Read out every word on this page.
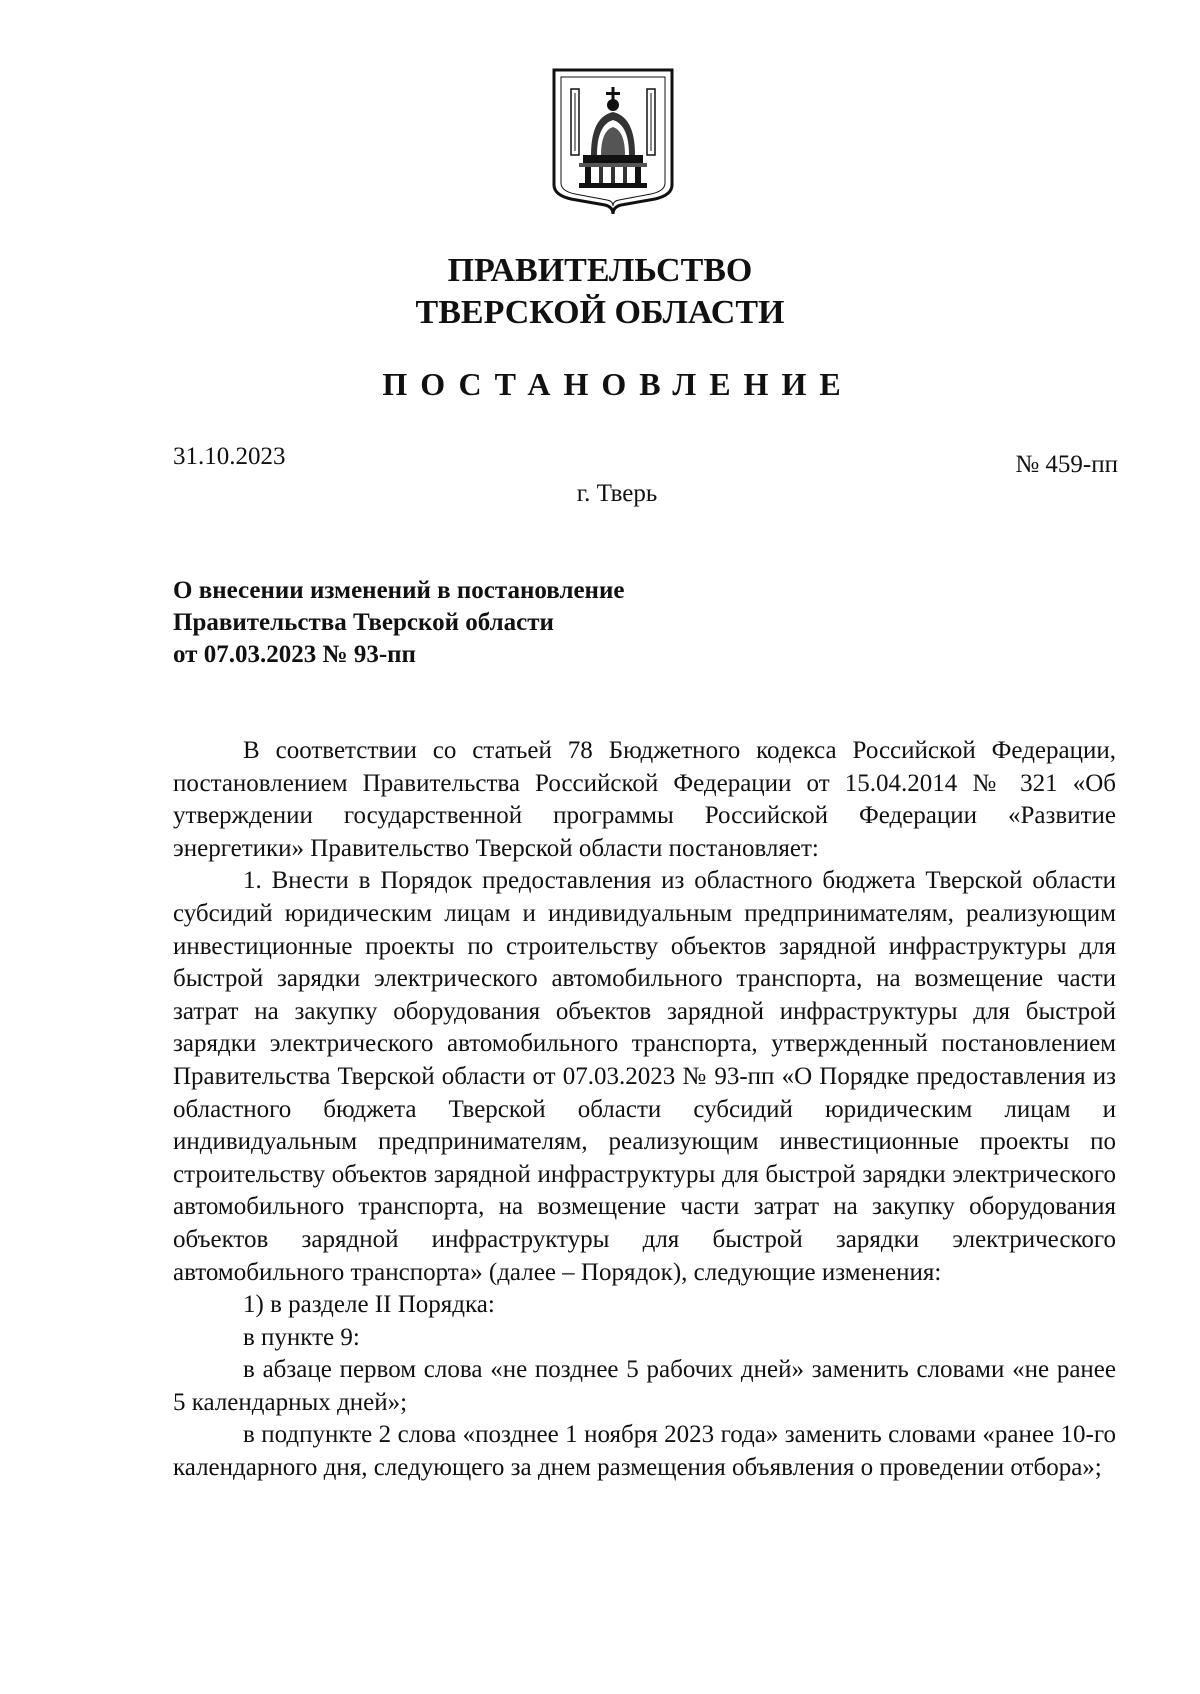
ПРАВИТЕЛЬСТВО
ТВЕРСКОЙ ОБЛАСТИ
ПОСТАНОВЛЕНИЕ
31.10.2023	№ 459-пп
г. Тверь
О внесении изменений в постановление
Правительства Тверской области
от 07.03.2023 № 93-пп

В соответствии со статьей 78 Бюджетного кодекса Российской Федерации, постановлением Правительства Российской Федерации от 15.04.2014 № 321 «Об утверждении государственной программы Российской Федерации «Развитие энергетики» Правительство Тверской области постановляет:

1. Внести в Порядок предоставления из областного бюджета Тверской области субсидий юридическим лицам и индивидуальным предпринимателям, реализующим инвестиционные проекты по строительству объектов зарядной инфраструктуры для быстрой зарядки электрического автомобильного транспорта, на возмещение части затрат на закупку оборудования объектов зарядной инфраструктуры для быстрой зарядки электрического автомобильного транспорта, утвержденный постановлением Правительства Тверской области от 07.03.2023 № 93-пп «О Порядке предоставления из областного бюджета Тверской области субсидий юридическим лицам и индивидуальным предпринимателям, реализующим инвестиционные проекты по строительству объектов зарядной инфраструктуры для быстрой зарядки электрического автомобильного транспорта, на возмещение части затрат на закупку оборудования объектов зарядной инфраструктуры для быстрой зарядки электрического автомобильного транспорта» (далее – Порядок), следующие изменения:

1) в разделе II Порядка:

в пункте 9:

в абзаце первом слова «не позднее 5 рабочих дней» заменить словами «не ранее 5 календарных дней»;

в подпункте 2 слова «позднее 1 ноября 2023 года» заменить словами «ранее 10-го календарного дня, следующего за днем размещения объявления о проведении отбора»;
